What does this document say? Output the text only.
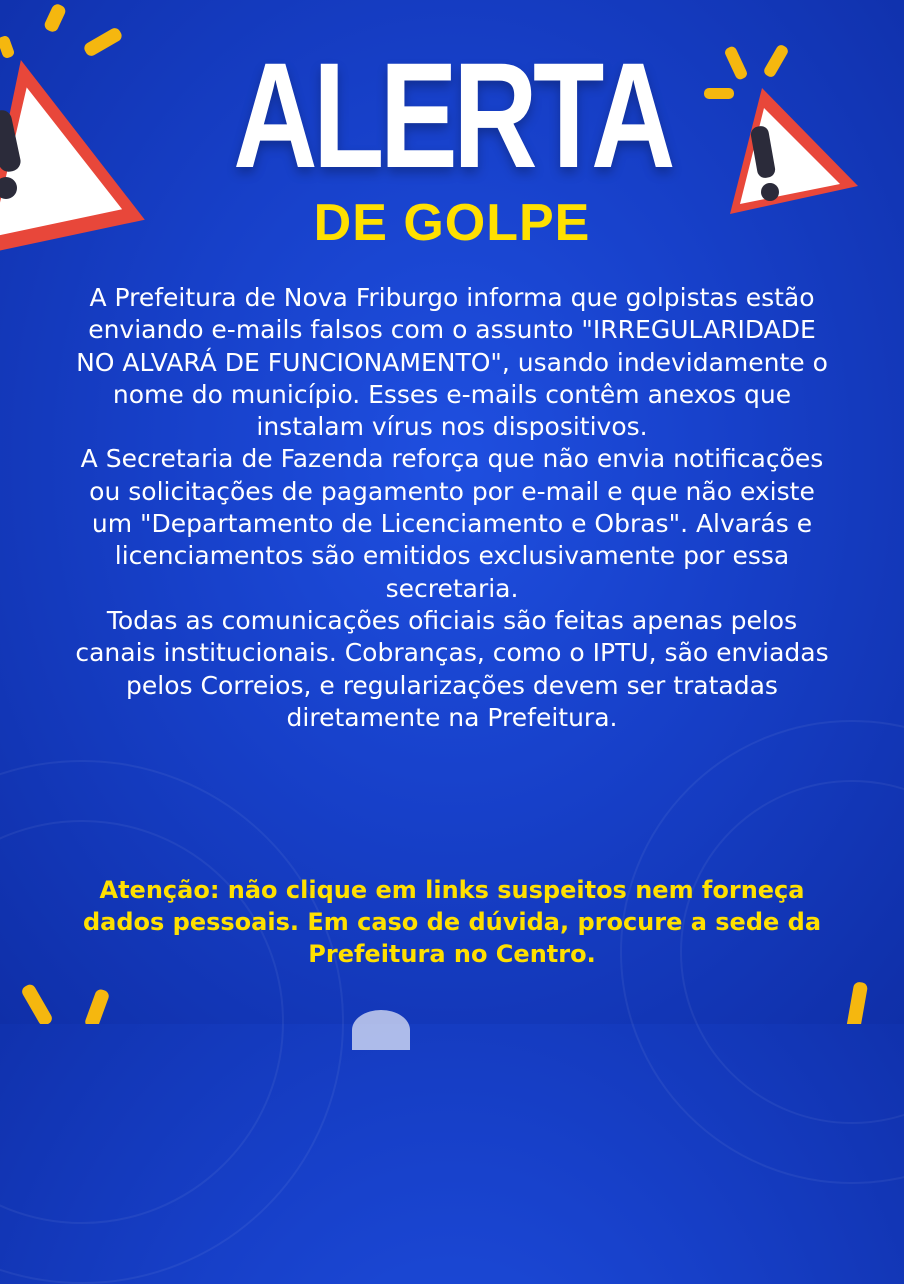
ALERTA
DE GOLPE

A Prefeitura de Nova Friburgo informa que golpistas estão enviando e-mails falsos com o assunto "IRREGULARIDADE NO ALVARÁ DE FUNCIONAMENTO", usando indevidamente o nome do município. Esses e-mails contêm anexos que instalam vírus nos dispositivos.

A Secretaria de Fazenda reforça que não envia notificações ou solicitações de pagamento por e-mail e que não existe um "Departamento de Licenciamento e Obras". Alvarás e licenciamentos são emitidos exclusivamente por essa secretaria.

Todas as comunicações oficiais são feitas apenas pelos canais institucionais. Cobranças, como o IPTU, são enviadas pelos Correios, e regularizações devem ser tratadas diretamente na Prefeitura.

Atenção: não clique em links suspeitos nem forneça dados pessoais. Em caso de dúvida, procure a sede da Prefeitura no Centro.
